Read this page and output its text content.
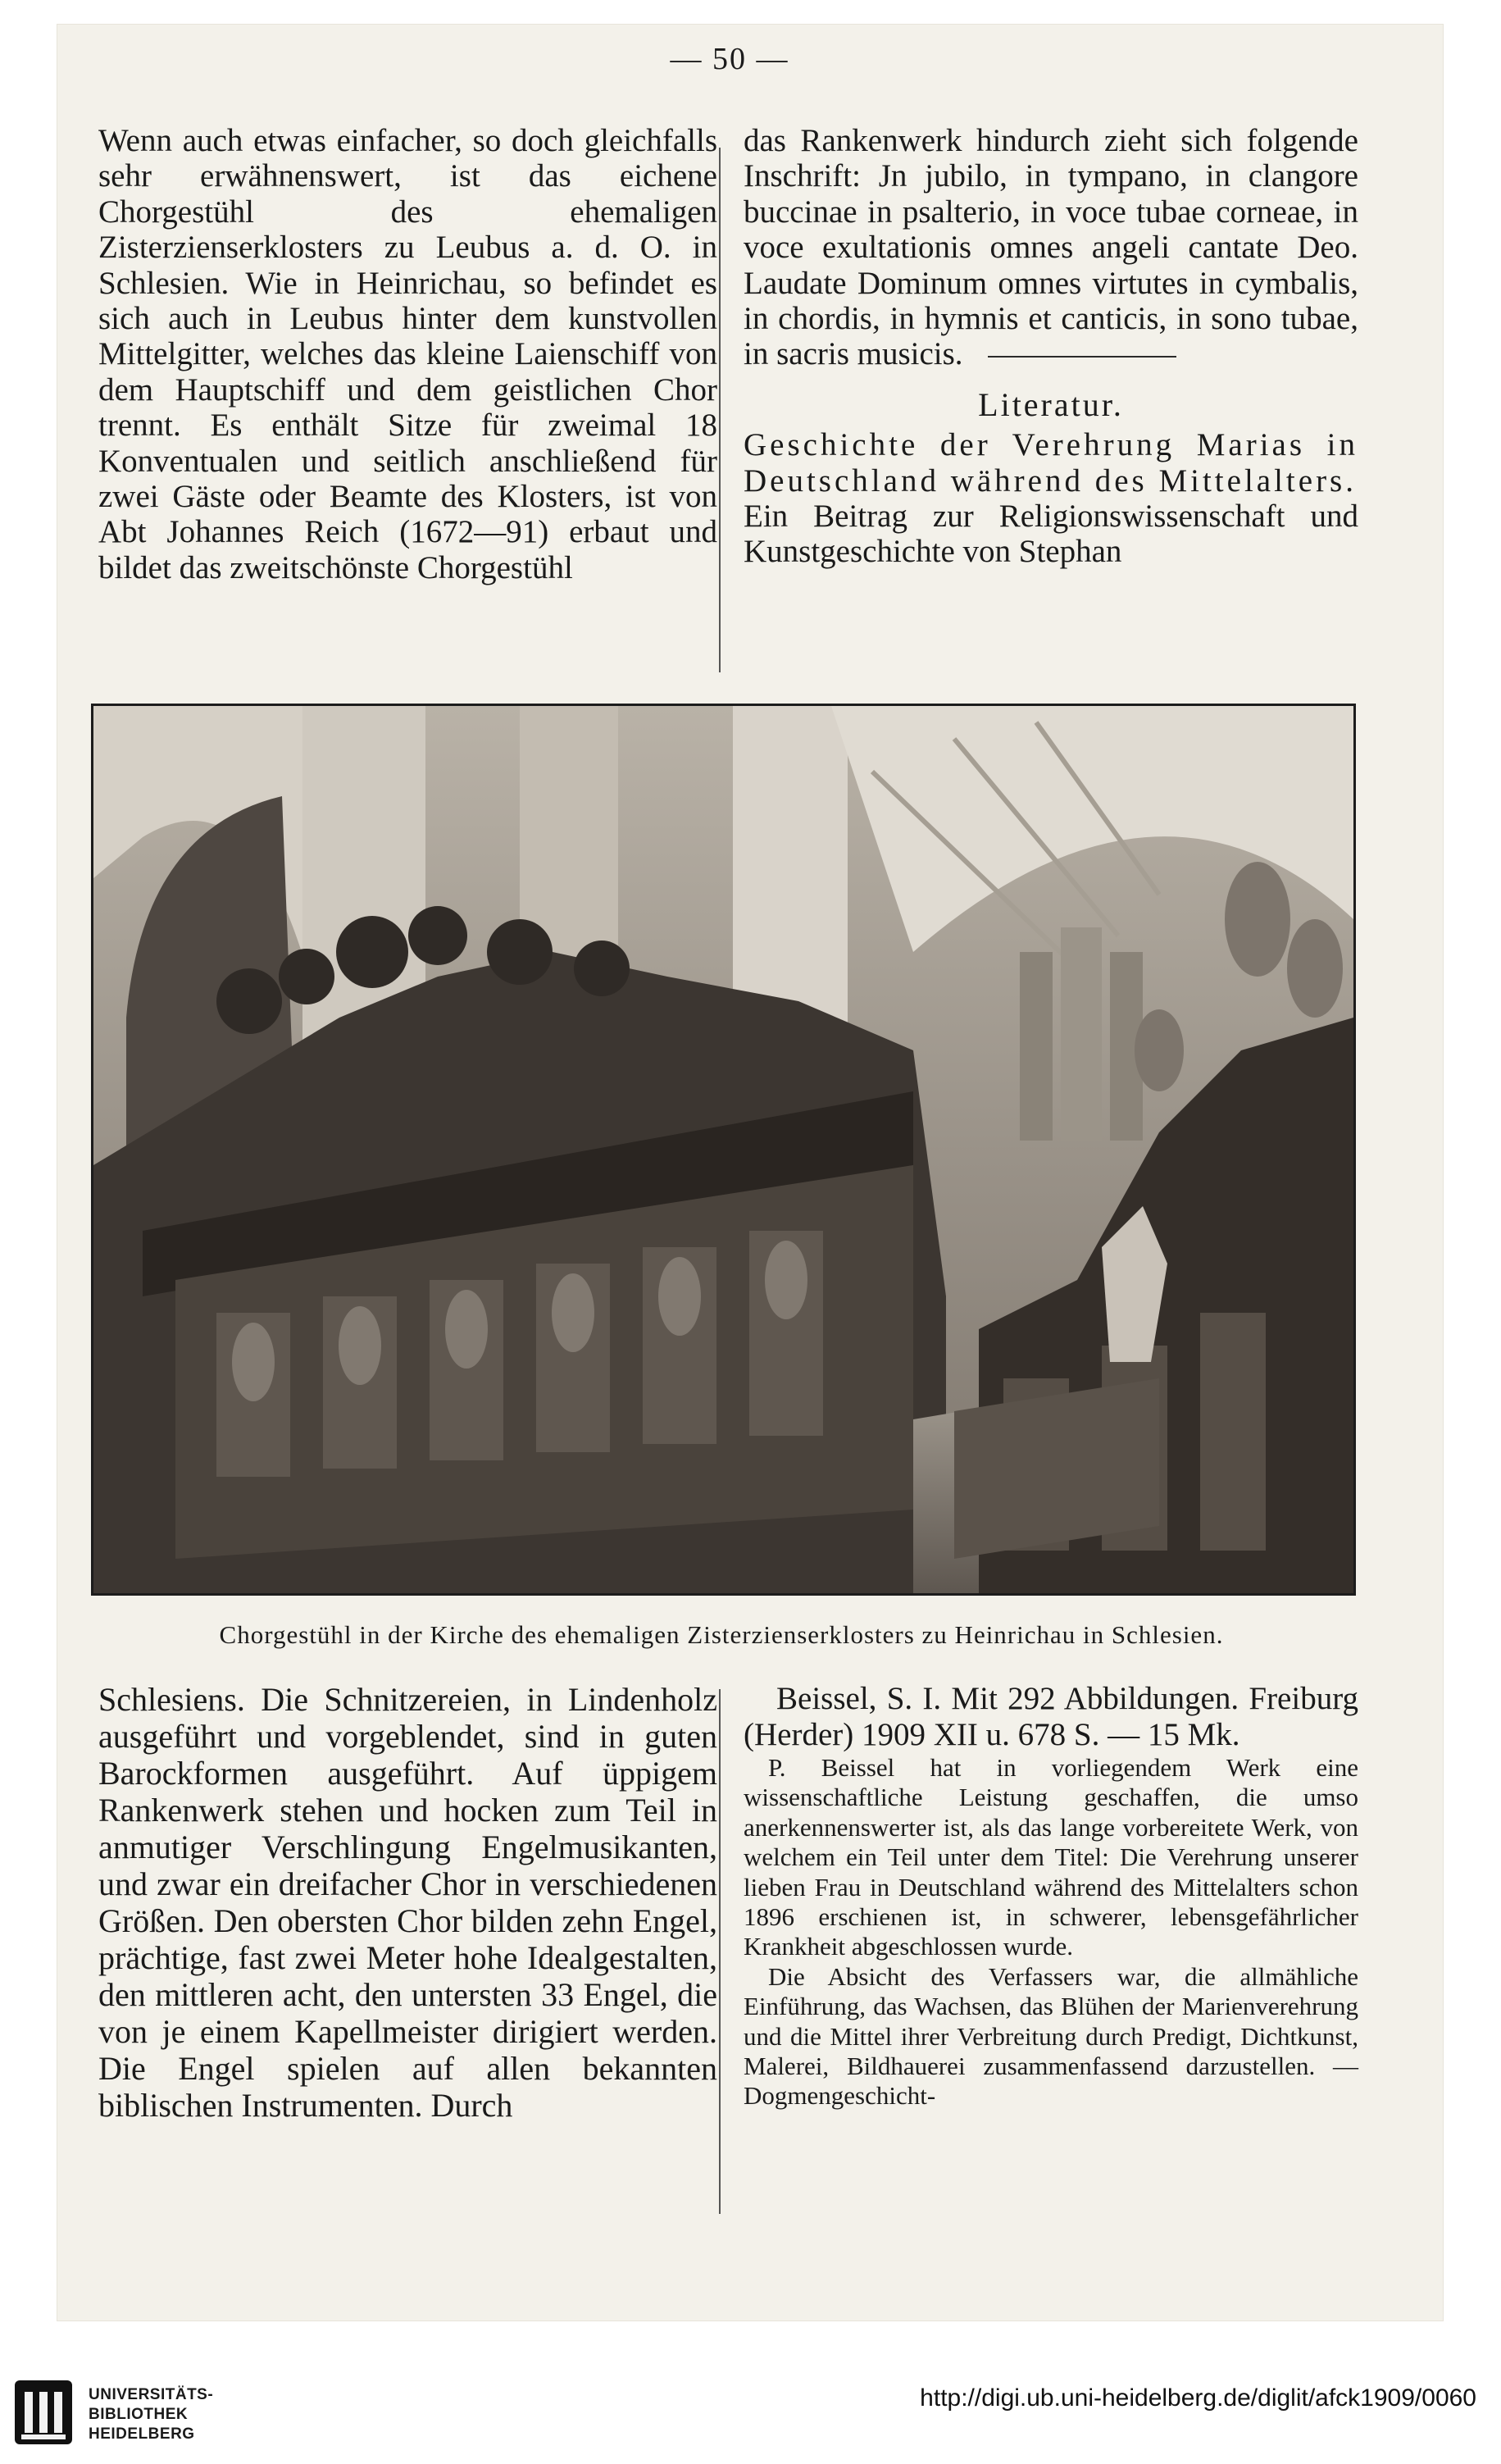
— 50 —

Wenn auch etwas einfacher, so doch gleichfalls sehr erwähnenswert, ist das eichene Chorgestühl des ehemaligen Zisterzienserklosters zu Leubus a. d. O. in Schlesien. Wie in Heinrichau, so befindet es sich auch in Leubus hinter dem kunstvollen Mittelgitter, welches das kleine Laienschiff von dem Hauptschiff und dem geistlichen Chor trennt. Es enthält Sitze für zweimal 18 Konventualen und seitlich anschließend für zwei Gäste oder Beamte des Klosters, ist von Abt Johannes Reich (1672—91) erbaut und bildet das zweitschönste Chorgestühl

das Rankenwerk hindurch zieht sich folgende Inschrift: Jn jubilo, in tympano, in clangore buccinae in psalterio, in voce tubae corneae, in voce exultationis omnes angeli cantate Deo. Laudate Dominum omnes virtutes in cymbalis, in chordis, in hymnis et canticis, in sono tubae, in sacris musicis.

Literatur.

Geschichte der Verehrung Marias in Deutschland während des Mittelalters.

Ein Beitrag zur Religionswissenschaft und Kunstgeschichte von Stephan

Chorgestühl in der Kirche des ehemaligen Zisterzienserklosters zu Heinrichau in Schlesien.

Schlesiens. Die Schnitzereien, in Lindenholz ausgeführt und vorgeblendet, sind in guten Barockformen ausgeführt. Auf üppigem Rankenwerk stehen und hocken zum Teil in anmutiger Verschlingung Engelmusikanten, und zwar ein dreifacher Chor in verschiedenen Größen. Den obersten Chor bilden zehn Engel, prächtige, fast zwei Meter hohe Idealgestalten, den mittleren acht, den untersten 33 Engel, die von je einem Kapellmeister dirigiert werden. Die Engel spielen auf allen bekannten biblischen Instrumenten. Durch

Beissel, S. I. Mit 292 Abbildungen. Freiburg (Herder) 1909 XII u. 678 S. — 15 Mk.

P. Beissel hat in vorliegendem Werk eine wissenschaftliche Leistung geschaffen, die umso anerkennenswerter ist, als das lange vorbereitete Werk, von welchem ein Teil unter dem Titel: Die Verehrung unserer lieben Frau in Deutschland während des Mittelalters schon 1896 erschienen ist, in schwerer, lebensgefährlicher Krankheit abgeschlossen wurde.

Die Absicht des Verfassers war, die allmähliche Einführung, das Wachsen, das Blühen der Marienverehrung und die Mittel ihrer Verbreitung durch Predigt, Dichtkunst, Malerei, Bildhauerei zusammenfassend darzustellen. — Dogmengeschicht-

UNIVERSITÄTS-
BIBLIOTHEK
HEIDELBERG
http://digi.ub.uni-heidelberg.de/diglit/afck1909/0060
